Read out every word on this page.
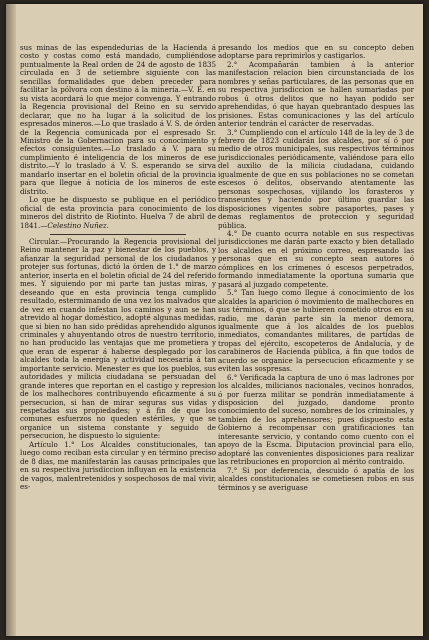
sus minas de las espendedurias de la Hacienda á costo y costas como está mandado, cumpliéndose puntualmente la Real orden de 24 de agosto de 1835 circulada en 3 de setiembre siguiente con las sencillas formalidades que deben preceder para facilitar la pólvora con destino á la minería.—V. E. en su vista acordará lo que mejor convenga. Y entrando la Regencia provisional del Reino en su servido declarar, que no ha lugar á la solicitud de los espresados mineros.—Lo que traslado á V. S. de órden de la Regencia comunicada por el espresado Sr. Ministro de la Gobernacion para su conocimiento y efectos consiguientes.—Lo traslado á V. para su cumplimiento é inteligencia de los mineros de ese distrito.—Y lo traslado á V. S. esperando se sirva mandarlo insertar en el boletin oficial de la provincia para que llegue á noticia de los mineros de este distrito.

Lo que he dispuesto se publique en el periódico oficial de esta provincia para conocimiento de los mineros del distrito de Riotinto. Huelva 7 de abril de 1841.—Celestino Nuñez.

Circular.—Procurando la Regencia provisional del Reino mantener la paz y bienestar de los pueblos, y afianzar la seguridad personal de los ciudadanos y protejer sus fortunas, dictó la órden de 1.° de marzo anterior, inserta en el boletin oficial de 24 del referido mes. Y siguiendo por mi parte tan justas miras, y deseando que en esta provincia tenga cumplido resultado, estermimando de una vez los malvados que de vez en cuando infestan los caminos y aun se han atrevido al hogar doméstico, adopté algunas medidas, que si bien no han sido prédidas aprehendido algunos criminales y ahuyentando otros de nuestro territorio, no han producido las ventajas que me prometiera y que eran de esperar á haberse desplegado por los alcaldes toda la energía y actividad necesaria á tan importante servicio. Menester es que los pueblos, sus autoridades y milicia ciudadana se persuadan del grande interes que reportan en el castigo y represion de los malhechores contribuyendo eficazmente á su persecucion, si han de mirar seguras sus vidas y respetadas sus propiedades; y á fin de que los comunes esfuerzos no queden estériles, y que se organice un sistema constante y seguido de persecucion, he dispuesto lo siguiente:

Artículo 1.° Los Alcaldes constitucionales, tan luego como reciban esta circular y en término preciso de 8 dias, me manifestarán las causas principales que en su respectiva jurisdiccion influyan en la existencia de vagos, malentretenidos y sospechosos de mal vivir, es-

presando los medios que en su concepto deben adoptarse para reprimirlos y castigarlos.

2.° Acompañarán tambien á la anterior manifestacion relacion bien circunstanciada de los nombres y señas particulares, de las personas que en su respectiva jurisdiccion se hallen sumariadas por robos ú otros delitos que no hayan podido ser aprehendidas, ó que hayan quebrantado despues las prisiones. Estas comunicaciones y las del artículo anterior tendrán el carácter de reservadas.

3.° Cumpliendo con el artículo 148 de la ley de 3 de febrero de 1823 cuidarán los alcaldes, por sí ó por medio de otros municipales, sus respectivos términos jurisdiccionales periódicamente, valiéndose para ello del auxilio de la milicia ciudadana, cuidando igualmente de que en sus poblaciones no se cometan escesos ó delitos, observando atentamente las personas sospechosas, vijilando los forasteros y transeuntes y haciendo por último guardar las disposiciones vigentes sobre pasaportes, pases y demas reglamentos de proteccion y seguridad pública.

4.° De cuanto ocurra notable en sus respectivas jurisdicciones me darán parte exacto y bien detallado los alcaldes en el próximo correo, espresando las personas que en su concepto sean autores ó cómplices en los crímenes ó escesos perpetrados, formando inmediatamente la oportuna sumaria que pasará al juzgado competente.

5.° Tan luego como llegue á conocimiento de los alcaldes la aparicion ó movimiento de malhechores en sus términos, ó que se hubieren cometido otros en su radio, me darán parte sin la menor demora, igualmente que á los alcaldes de los pueblos inmediatos, comandantes militares, de partidas de tropas del ejército, escopeteros de Andalucía, y de carabineros de Hacienda pública, á fin que todos de acuerdo se organice la persecucion eficazmente y se eviten las sospresas.

6.° Verificada la captura de uno ó mas ladrones por los alcaldes, milicianos nacionales, vecinos honrados, ó por fuerza militar se pondrán inmediatamente á disposicion del juzgado, dandome pronto conocimiento del suceso, nombres de los criminales, y tambien de los aprehensores; pues dispuesto esta Gobierno á recompensar con gratificaciones tan interesante servicio, y contando como cuento con el apoyo de la Escma. Diputacion provincial para ello, adoptaré las convenientes disposiciones para realizar las retribuciones en proporcion al mérito contraido.

7.° Si por deferencia, descuido ó apatía de los alcaldes constitucionales se cometiesen robos en sus términos y se averiguase
